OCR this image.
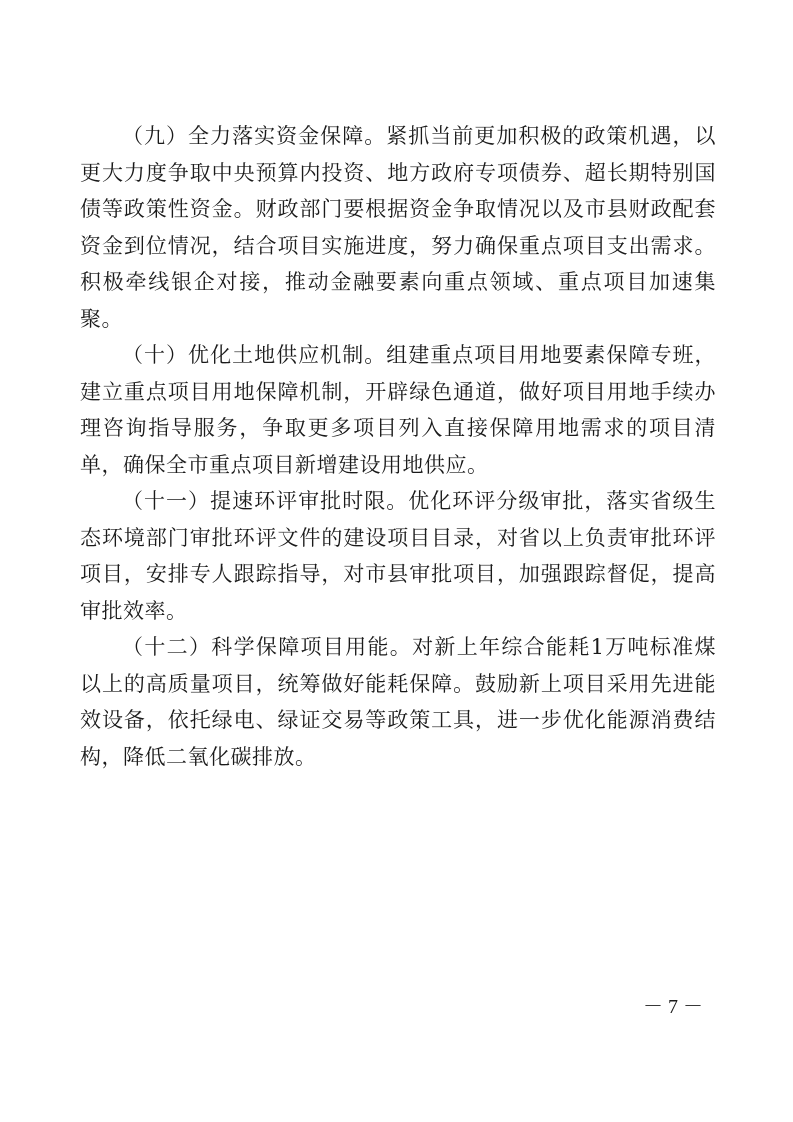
（九）全力落实资金保障。紧抓当前更加积极的政策机遇，以更大力度争取中央预算内投资、地方政府专项债券、超长期特别国债等政策性资金。财政部门要根据资金争取情况以及市县财政配套资金到位情况，结合项目实施进度，努力确保重点项目支出需求。积极牵线银企对接，推动金融要素向重点领域、重点项目加速集聚。

（十）优化土地供应机制。组建重点项目用地要素保障专班，建立重点项目用地保障机制，开辟绿色通道，做好项目用地手续办理咨询指导服务，争取更多项目列入直接保障用地需求的项目清单，确保全市重点项目新增建设用地供应。

（十一）提速环评审批时限。优化环评分级审批，落实省级生态环境部门审批环评文件的建设项目目录，对省以上负责审批环评项目，安排专人跟踪指导，对市县审批项目，加强跟踪督促，提高审批效率。

（十二）科学保障项目用能。对新上年综合能耗1万吨标准煤以上的高质量项目，统筹做好能耗保障。鼓励新上项目采用先进能效设备，依托绿电、绿证交易等政策工具，进一步优化能源消费结构，降低二氧化碳排放。

－ 7 －
